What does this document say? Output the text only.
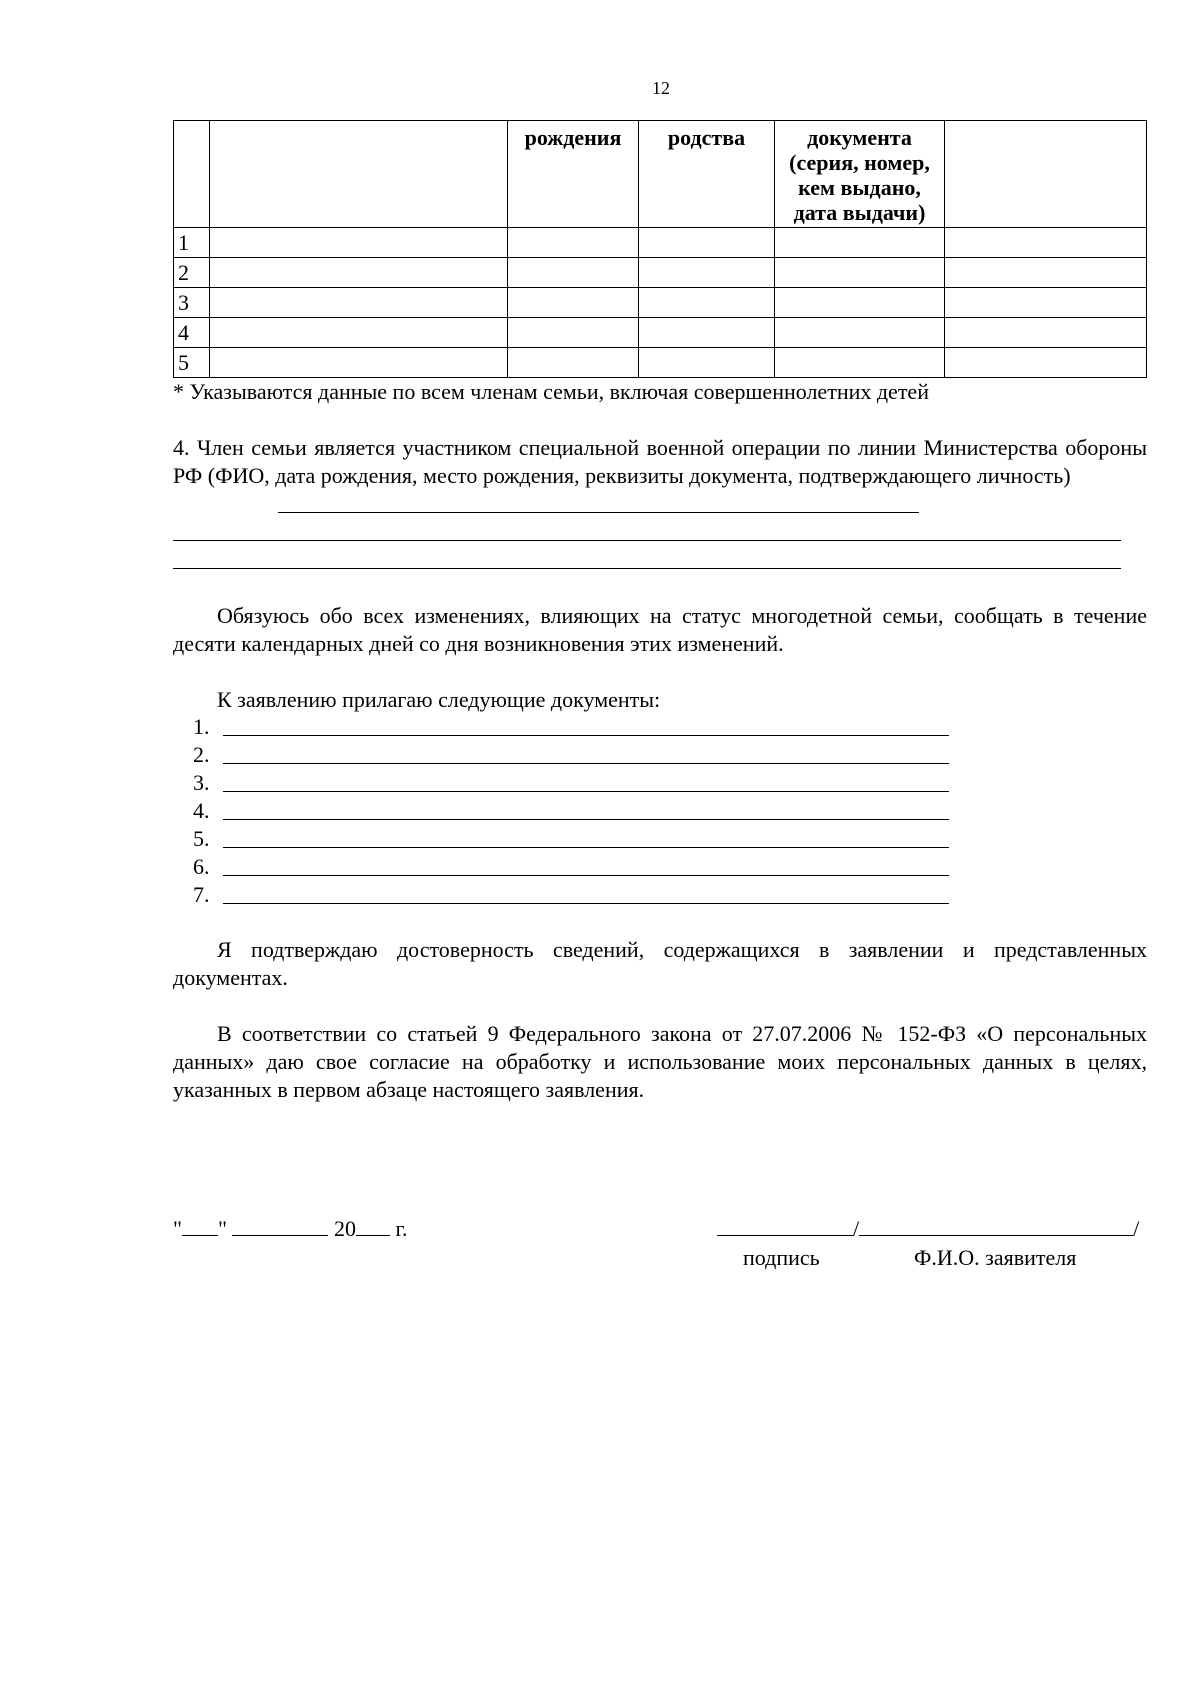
12
		рождения	родства	документа (серия, номер, кем выдано, дата выдачи)	
1					
2					
3					
4					
5					
* Указываются данные по всем членам семьи, включая совершеннолетних детей
4. Член семьи является участником специальной военной операции по линии Министерства обороны РФ (ФИО, дата рождения, место рождения, реквизиты документа, подтверждающего личность)
Обязуюсь обо всех изменениях, влияющих на статус многодетной семьи, сообщать в течение десяти календарных дней со дня возникновения этих изменений.
К заявлению прилагаю следующие документы:
1.
2.
3.
4.
5.
6.
7.
Я подтверждаю достоверность сведений, содержащихся в заявлении и представленных документах.
В соответствии со статьей 9 Федерального закона от 27.07.2006 № 152-ФЗ «О персональных данных» даю свое согласие на обработку и использование моих персональных данных в целях, указанных в первом абзаце настоящего заявления.
" "	20 г.	/	/
подпись	Ф.И.О. заявителя
